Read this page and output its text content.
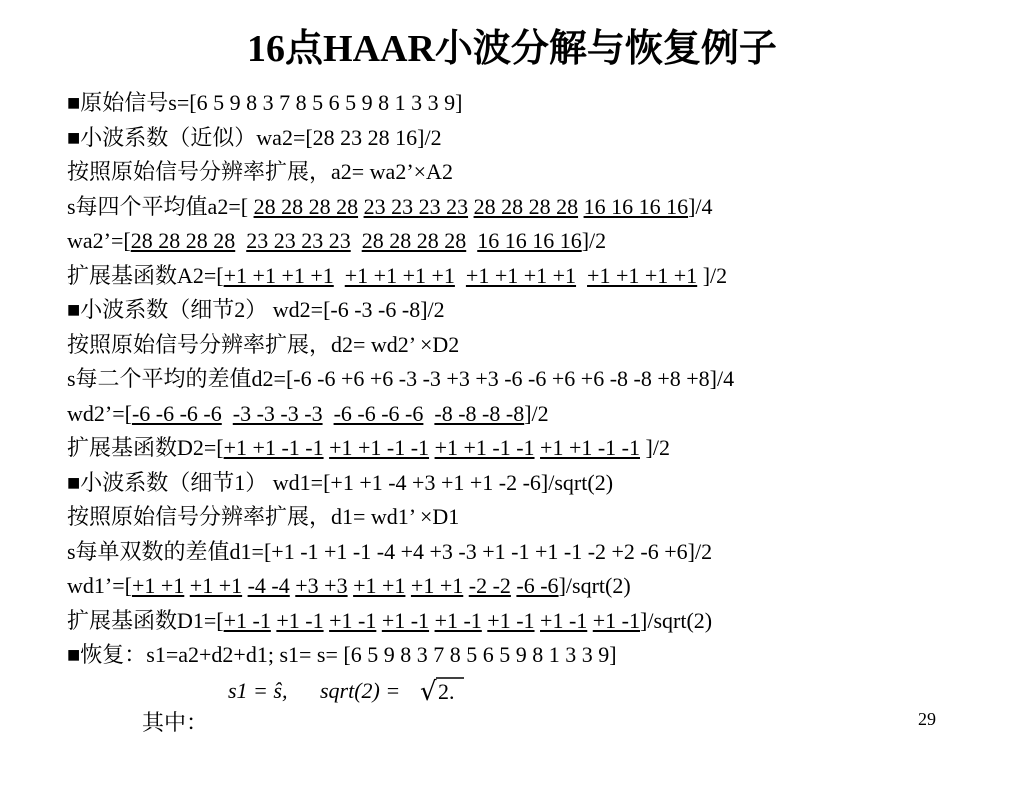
16点HAAR小波分解与恢复例子
■原始信号s=[6 5 9 8 3 7 8 5 6 5 9 8 1 3 3 9]
■小波系数（近似）wa2=[28 23 28 16]/2
按照原始信号分辨率扩展，a2= wa2’×A2
s每四个平均值a2=[ 28 28 28 28 23 23 23 23 28 28 28 28 16 16 16 16]/4
wa2’=[28 28 28 28 23 23 23 23 28 28 28 28 16 16 16 16]/2
扩展基函数A2=[+1 +1 +1 +1 +1 +1 +1 +1 +1 +1 +1 +1 +1 +1 +1 +1 ]/2
■小波系数（细节2） wd2=[-6 -3 -6 -8]/2
按照原始信号分辨率扩展，d2= wd2’ ×D2
s每二个平均的差值d2=[-6 -6 +6 +6 -3 -3 +3 +3 -6 -6 +6 +6 -8 -8 +8 +8]/4
wd2’=[-6 -6 -6 -6 -3 -3 -3 -3 -6 -6 -6 -6 -8 -8 -8 -8]/2
扩展基函数D2=[+1 +1 -1 -1 +1 +1 -1 -1 +1 +1 -1 -1 +1 +1 -1 -1 ]/2
■小波系数（细节1） wd1=[+1 +1 -4 +3 +1 +1 -2 -6]/sqrt(2)
按照原始信号分辨率扩展，d1= wd1’ ×D1
s每单双数的差值d1=[+1 -1 +1 -1 -4 +4 +3 -3 +1 -1 +1 -1 -2 +2 -6 +6]/2
wd1’=[+1 +1 +1 +1 -4 -4 +3 +3 +1 +1 +1 +1 -2 -2 -6 -6]/sqrt(2)
扩展基函数D1=[+1 -1 +1 -1 +1 -1 +1 -1 +1 -1 +1 -1 +1 -1 +1 -1]/sqrt(2)
■恢复：s1=a2+d2+d1; s1= s= [6 5 9 8 3 7 8 5 6 5 9 8 1 3 3 9]

其中：

s1 = ŝ, sqrt(2) = √ 2.

29
